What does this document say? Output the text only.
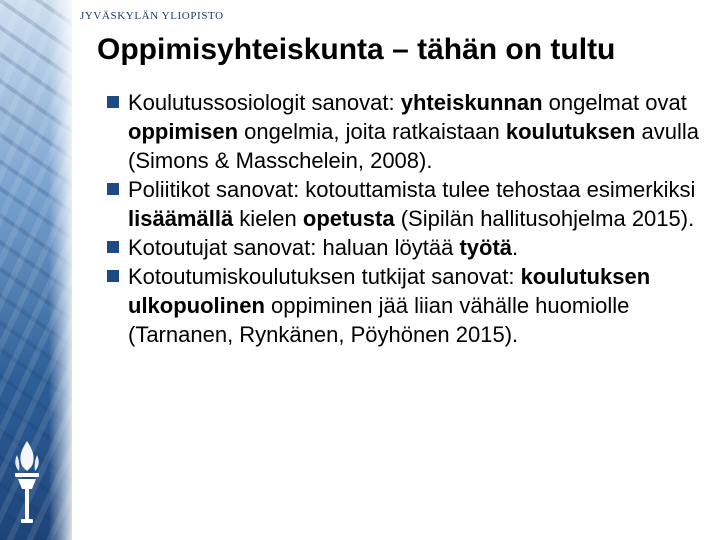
JYVÄSKYLÄN YLIOPISTO
Oppimisyhteiskunta – tähän on tultu
Koulutussosiologit sanovat: yhteiskunnan ongelmat ovat oppimisen ongelmia, joita ratkaistaan koulutuksen avulla (Simons & Masschelein, 2008).
Poliitikot sanovat: kotouttamista tulee tehostaa esimerkiksi lisäämällä kielen opetusta (Sipilän hallitusohjelma 2015).
Kotoutujat sanovat: haluan löytää työtä.
Kotoutumiskoulutuksen tutkijat sanovat: koulutuksen ulkopuolinen oppiminen jää liian vähälle huomiolle (Tarnanen, Rynkänen, Pöyhönen 2015).
